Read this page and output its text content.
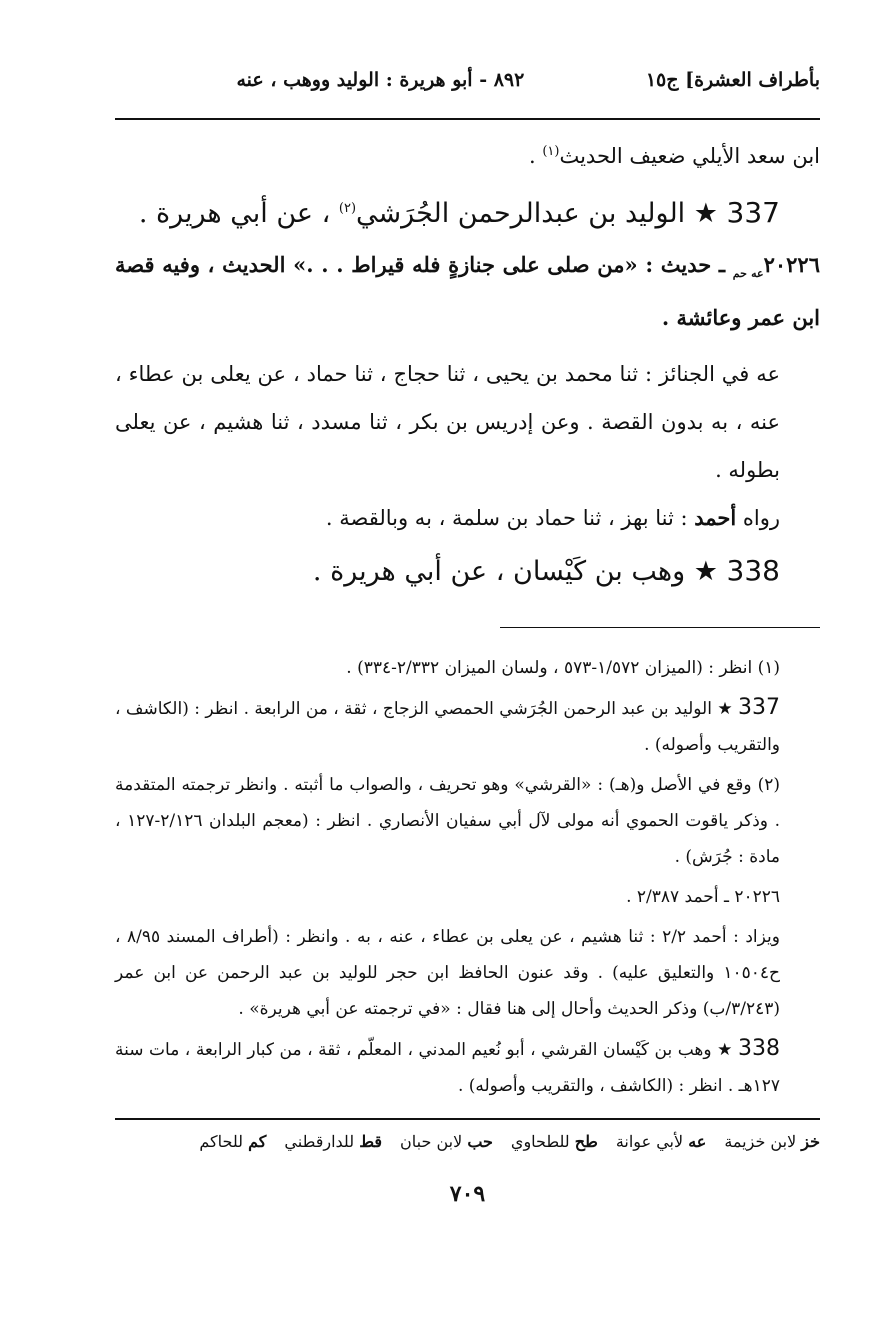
بأطراف العشرة] ج١٥
٨٩٢ - أبو هريرة : الوليد ووهب ، عنه

ابن سعد الأيلي ضعيف الحديث$^{(١)}$ .

337 ★ الوليد بن عبدالرحمن الجُرَشي$^{(٢)}$ ، عن أبي هريرة .

$٢٠٢٢٦_{عه حم}$ ـ حديث : «من صلى على جنازةٍ فله قيراط . . .» الحديث ، وفيه قصة ابن عمر وعائشة .

عه في الجنائز : ثنا محمد بن يحيى ، ثنا حجاج ، ثنا حماد ، عن يعلى بن عطاء ، عنه ، به بدون القصة . وعن إدريس بن بكر ، ثنا مسدد ، ثنا هشيم ، عن يعلى بطوله .

رواه أحمد : ثنا بهز ، ثنا حماد بن سلمة ، به وبالقصة .

338 ★ وهب بن كَيْسان ، عن أبي هريرة .

(١) انظر : (الميزان ١/٥٧٢-٥٧٣ ، ولسان الميزان ٢/٣٣٢-٣٣٤) .

337 ★ الوليد بن عبد الرحمن الجُرَشي الحمصي الزجاج ، ثقة ، من الرابعة . انظر : (الكاشف ، والتقريب وأصوله) .

(٢) وقع في الأصل و(هـ) : «القرشي» وهو تحريف ، والصواب ما أثبته . وانظر ترجمته المتقدمة . وذكر ياقوت الحموي أنه مولى لآل أبي سفيان الأنصاري . انظر : (معجم البلدان ٢/١٢٦-١٢٧ ، مادة : جُرَش) .

٢٠٢٢٦ ـ أحمد ٢/٣٨٧ .

ويزاد : أحمد ٢/٢ : ثنا هشيم ، عن يعلى بن عطاء ، عنه ، به . وانظر : (أطراف المسند ٨/٩٥ ، ح١٠٥٠٤ والتعليق عليه) . وقد عنون الحافظ ابن حجر للوليد بن عبد الرحمن عن ابن عمر (٣/٢٤٣/ب) وذكر الحديث وأحال إلى هنا فقال : «في ترجمته عن أبي هريرة» .

338 ★ وهب بن كَيْسان القرشي ، أبو نُعيم المدني ، المعلّم ، ثقة ، من كبار الرابعة ، مات سنة ١٢٧هـ . انظر : (الكاشف ، والتقريب وأصوله) .

خز لابن خزيمة
عه لأبي عوانة
طح للطحاوي
حب لابن حبان
قط للدارقطني
كم للحاكم
٧٠٩
